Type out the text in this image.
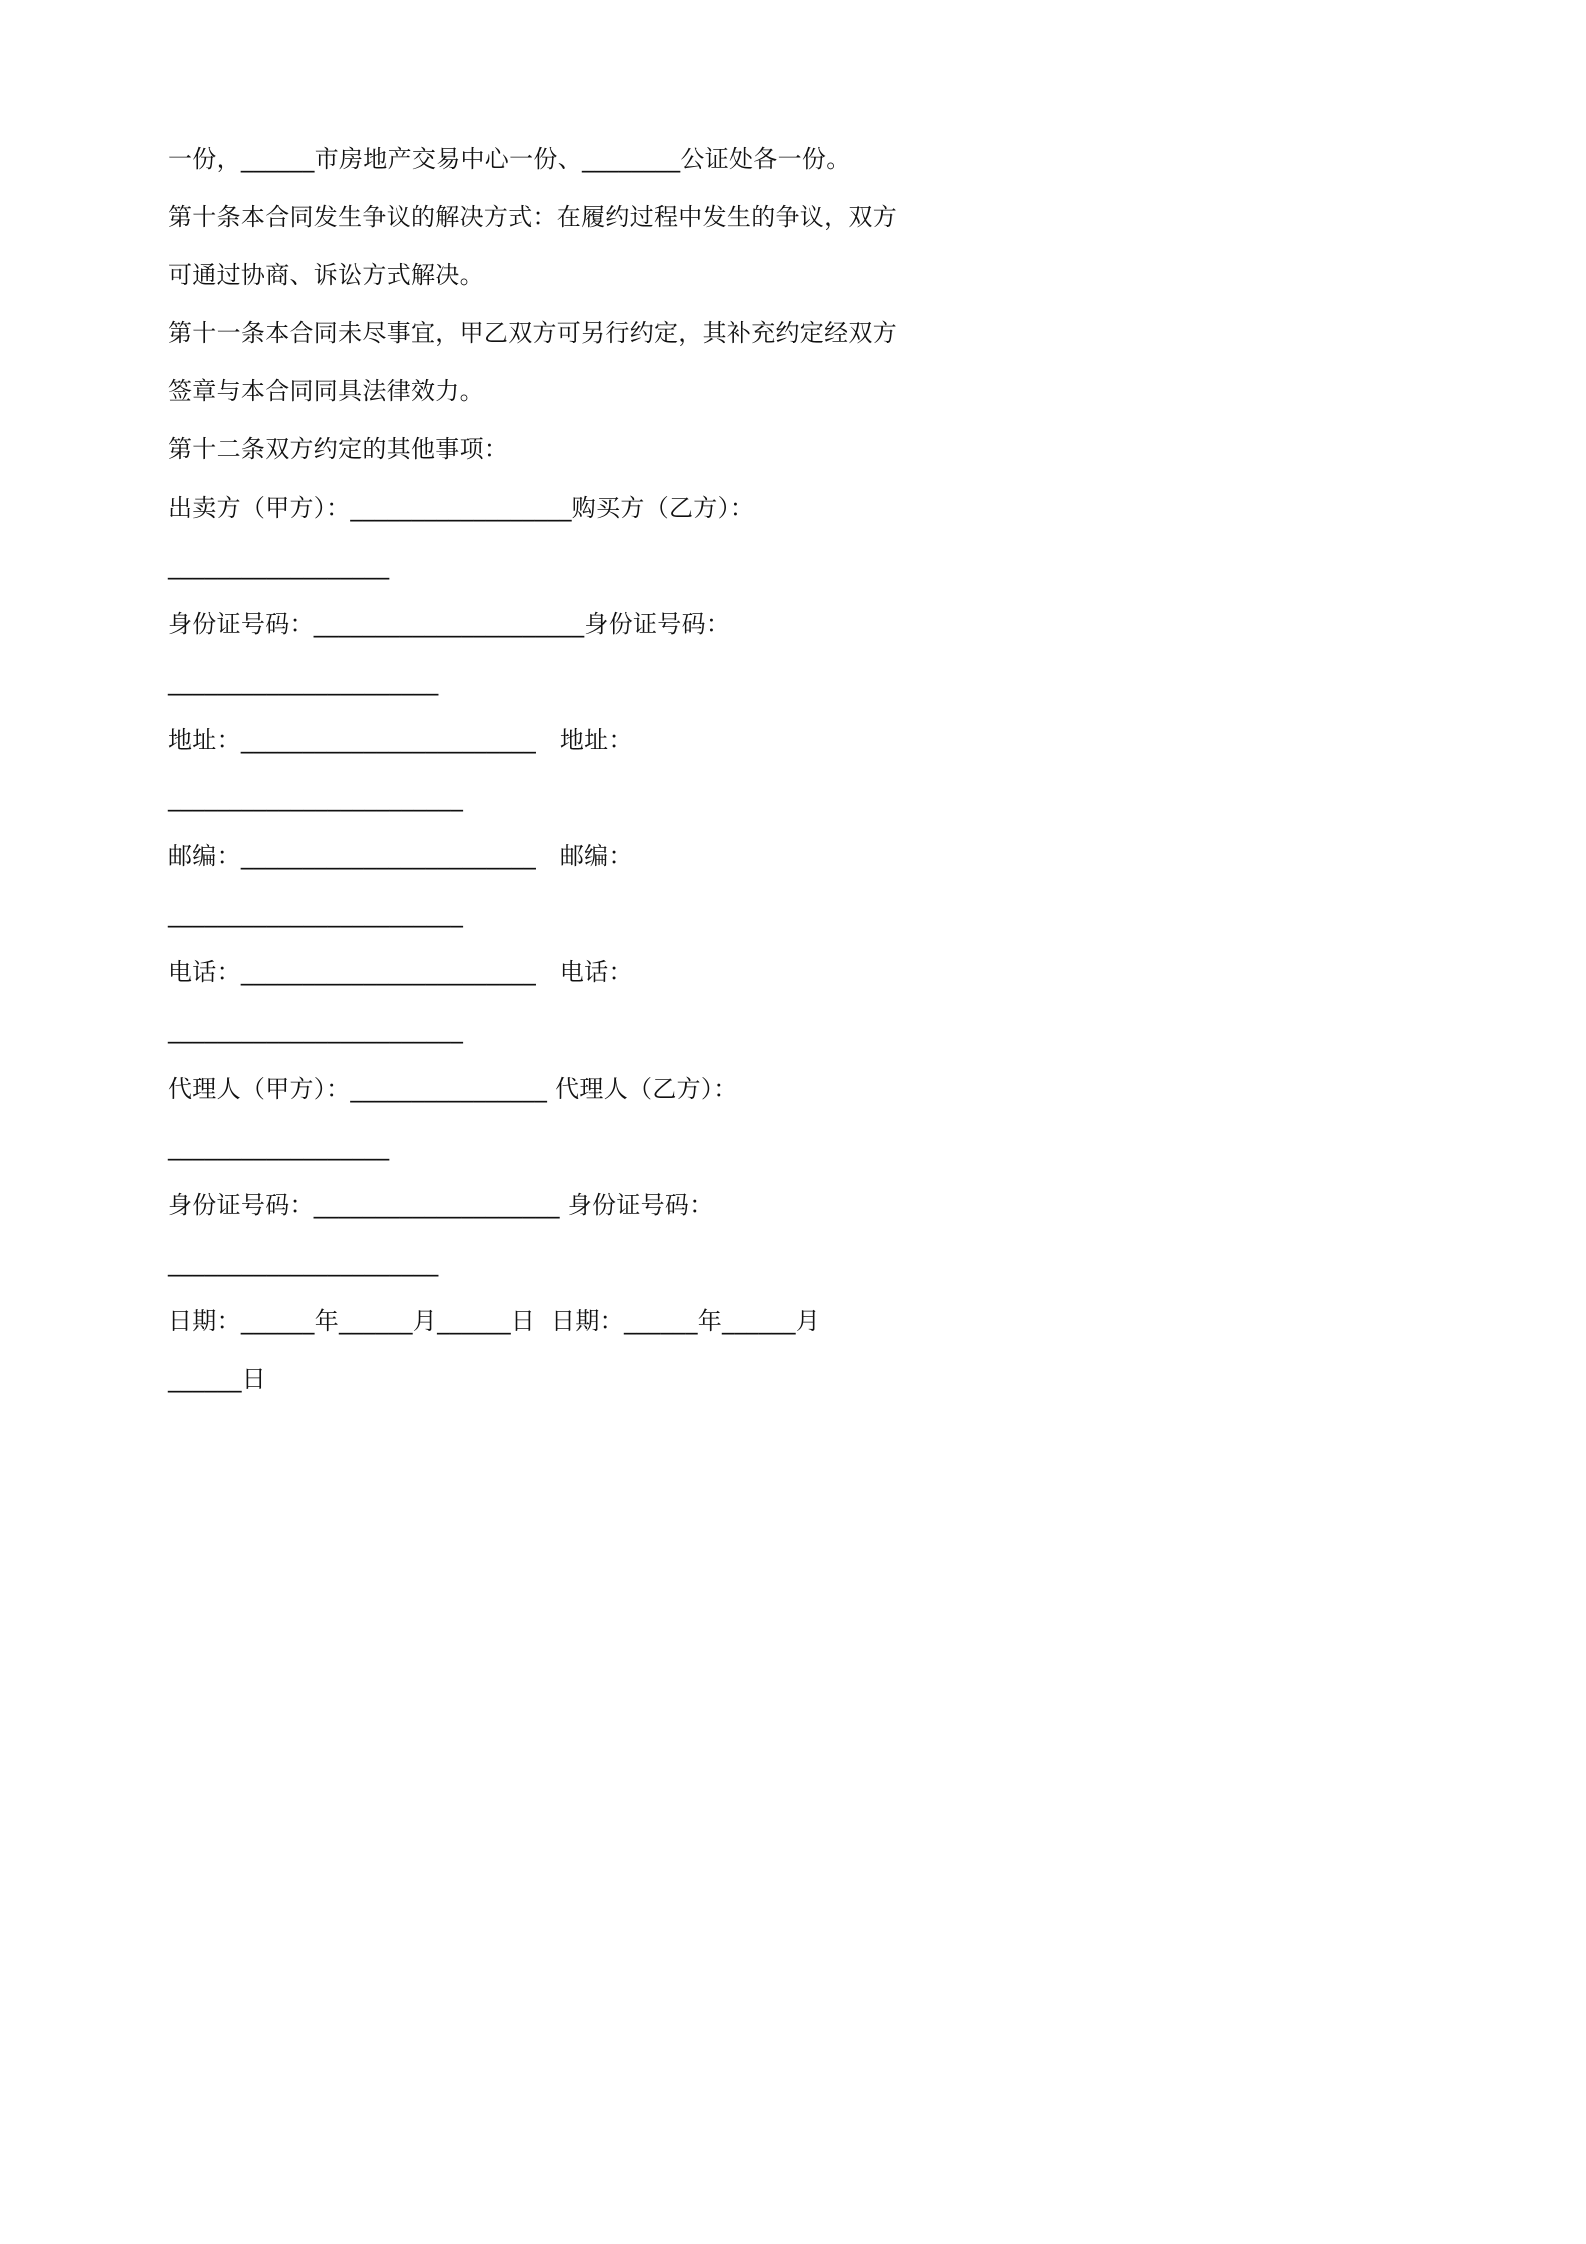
一份，______市房地产交易中心一份、________公证处各一份。
第十条本合同发生争议的解决方式：在履约过程中发生的争议，双方
可通过协商、诉讼方式解决。
第十一条本合同未尽事宜，甲乙双方可另行约定，其补充约定经双方
签章与本合同同具法律效力。
第十二条双方约定的其他事项：
出卖方（甲方）：__________________购买方（乙方）：
__________________
身份证号码：______________________身份证号码：
______________________
地址：________________________   地址：
________________________
邮编：________________________   邮编：
________________________
电话：________________________   电话：
________________________
代理人（甲方）：________________ 代理人（乙方）：
__________________
身份证号码：____________________ 身份证号码：
______________________
日期：______年______月______日  日期：______年______月
______日
